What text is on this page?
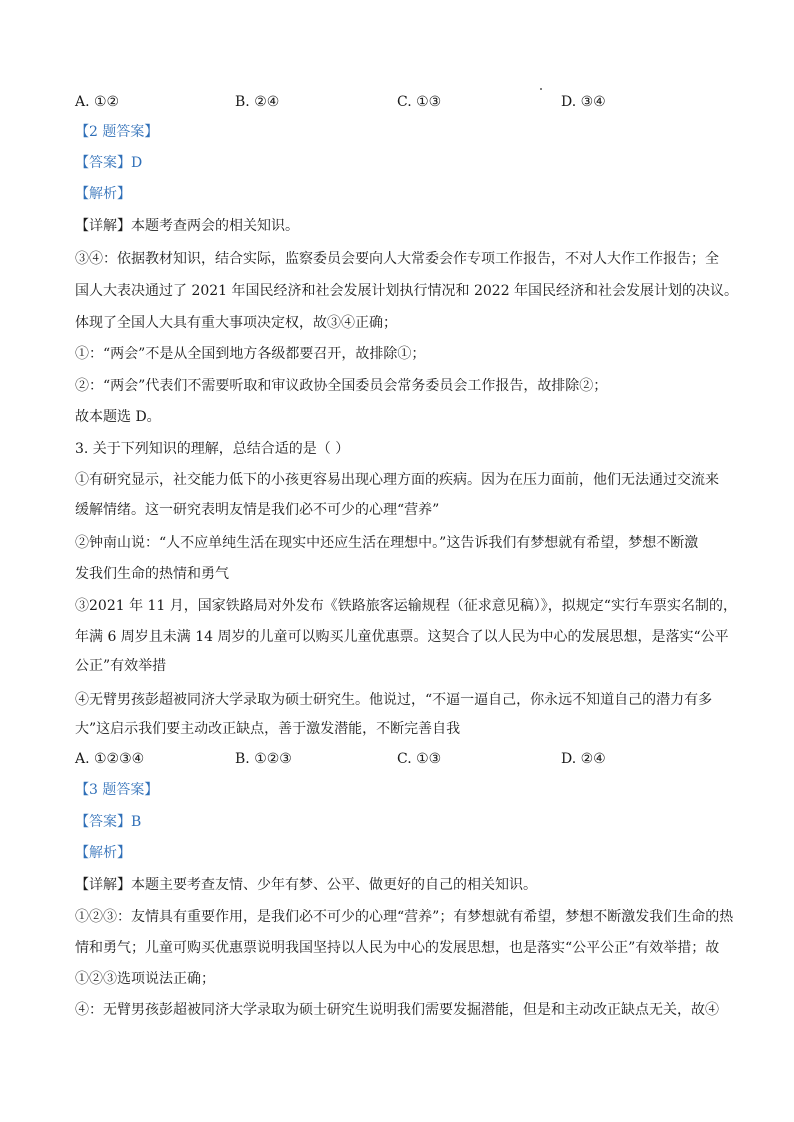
A. ①②	B. ②④	C. ①③	D. ③④
【2 题答案】
【答案】D
【解析】
【详解】本题考查两会的相关知识。
③④：依据教材知识，结合实际，监察委员会要向人大常委会作专项工作报告，不对人大作工作报告；全
国人大表决通过了 2021 年国民经济和社会发展计划执行情况和 2022 年国民经济和社会发展计划的决议。
体现了全国人大具有重大事项决定权，故③④正确；
①：“两会”不是从全国到地方各级都要召开，故排除①；
②：“两会”代表们不需要听取和审议政协全国委员会常务委员会工作报告，故排除②；
故本题选 D。
3. 关于下列知识的理解，总结合适的是（ ）
①有研究显示，社交能力低下的小孩更容易出现心理方面的疾病。因为在压力面前，他们无法通过交流来
缓解情绪。这一研究表明友情是我们必不可少的心理“营养”
②钟南山说：“人不应单纯生活在现实中还应生活在理想中。”这告诉我们有梦想就有希望，梦想不断激
发我们生命的热情和勇气
③2021 年 11 月，国家铁路局对外发布《铁路旅客运输规程（征求意见稿）》，拟规定“实行车票实名制的，
年满 6 周岁且未满 14 周岁的儿童可以购买儿童优惠票。这契合了以人民为中心的发展思想，是落实“公平
公正”有效举措
④无臂男孩彭超被同济大学录取为硕士研究生。他说过，“不逼一逼自己，你永远不知道自己的潜力有多
大”这启示我们要主动改正缺点，善于激发潜能，不断完善自我
A. ①②③④	B. ①②③	C. ①③	D. ②④
【3 题答案】
【答案】B
【解析】
【详解】本题主要考查友情、少年有梦、公平、做更好的自己的相关知识。
①②③：友情具有重要作用，是我们必不可少的心理“营养”；有梦想就有希望，梦想不断激发我们生命的热
情和勇气；儿童可购买优惠票说明我国坚持以人民为中心的发展思想，也是落实“公平公正”有效举措；故
①②③选项说法正确；
④：无臂男孩彭超被同济大学录取为硕士研究生说明我们需要发掘潜能，但是和主动改正缺点无关，故④
